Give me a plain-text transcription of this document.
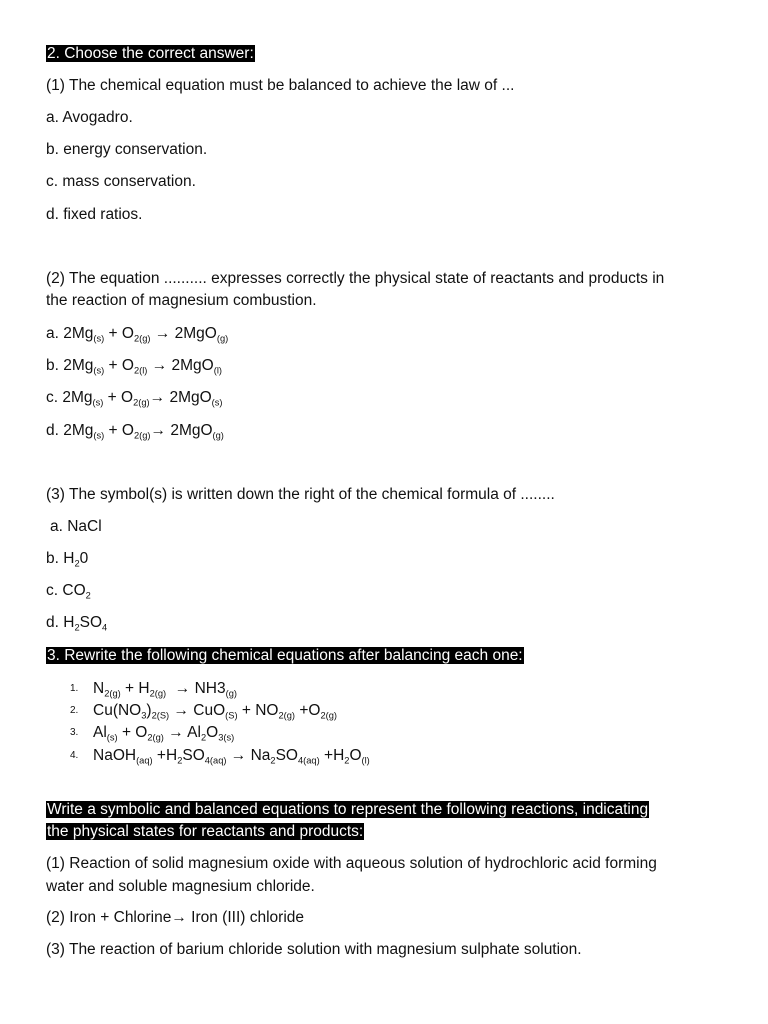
2. Choose the correct answer:
(1) The chemical equation must be balanced to achieve the law of ...
a. Avogadro.
b. energy conservation.
c. mass conservation.
d. fixed ratios.
(2) The equation .......... expresses correctly the physical state of reactants and products in
the reaction of magnesium combustion.
a. $2Mg_{(s)} + O_{2(g)} \to 2MgO_{(g)}$
b. $2Mg_{(s)} + O_{2(l)} \to 2MgO_{(l)}$
c. $2Mg_{(s)} + O_{2(g)}\to 2MgO_{(s)}$
d. $2Mg_{(s)} + O_{2(g)}\to 2MgO_{(g)}$
(3) The symbol(s) is written down the right of the chemical formula of ........
a. NaCl
b. $H_20$
c. $CO_2$
d. $H_2SO_4$
3. Rewrite the following chemical equations after balancing each one:
1. $N_{2(g)} + H_{2(g)} \to NH3_{(g)}$
2. $Cu(NO_3)_{2(S)} \to CuO_{(S)} + NO_{2(g)} +O_{2(g)}$
3. $Al_{(s)} + O_{2(g)} \to Al_2O_{3(s)}$
4. NaOH$_{(aq)}$ $+H_2SO_{4(aq)} \to Na_2SO_{4(aq)} +H_2O_{(l)}$
Write a symbolic and balanced equations to represent the following reactions, indicating
the physical states for reactants and products:
(1) Reaction of solid magnesium oxide with aqueous solution of hydrochloric acid forming
water and soluble magnesium chloride.
(2) Iron + Chlorine→ Iron (III) chloride
(3) The reaction of barium chloride solution with magnesium sulphate solution.
